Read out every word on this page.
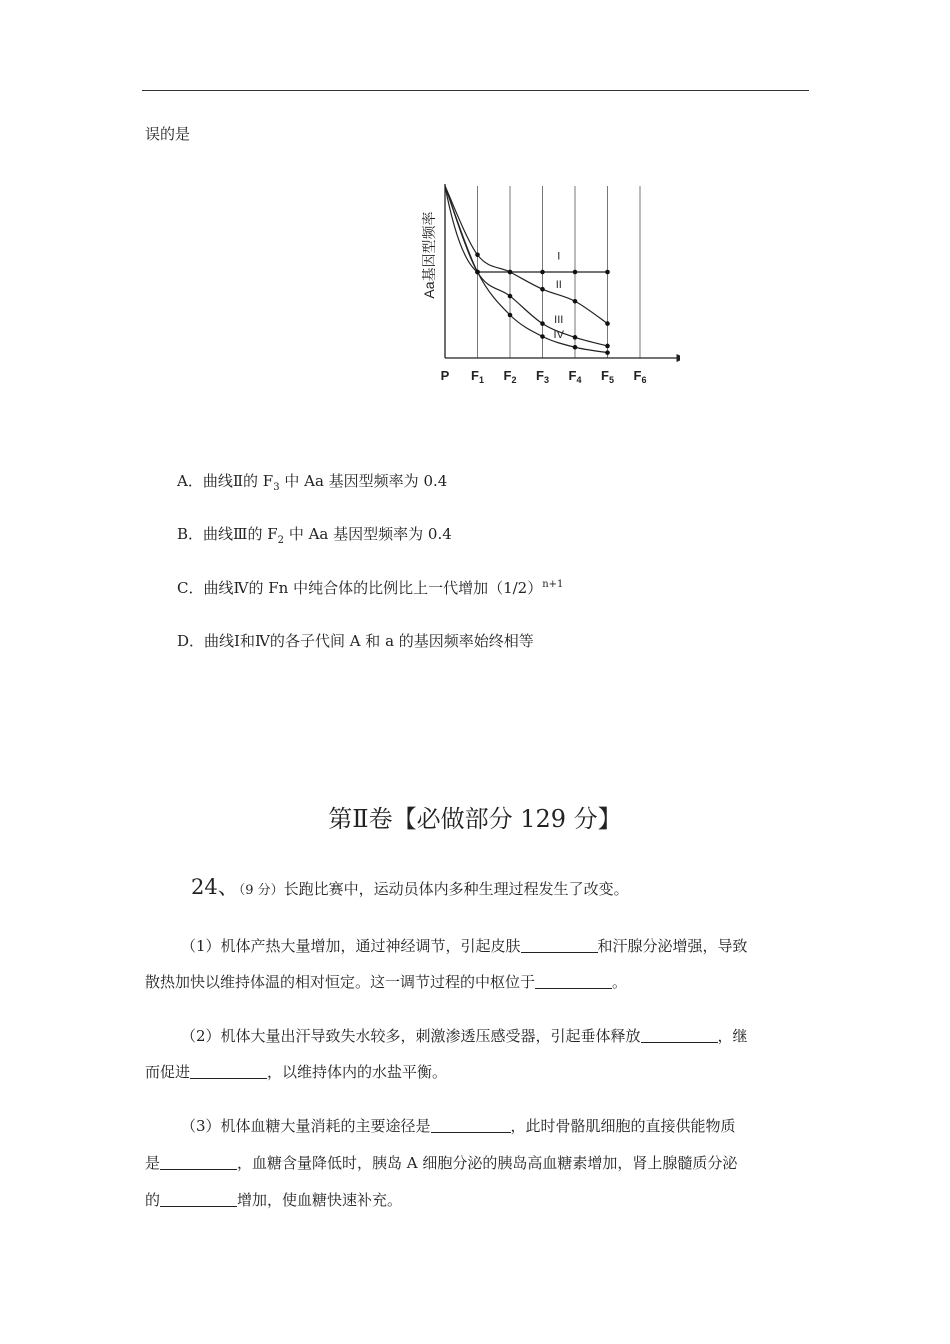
误的是
P $F_1$ $F_2$ $F_3$ $F_4$ $F_5$ $F_6$
I
II
III
IV
Aa基因型频率
A．曲线Ⅱ的 $F_3$ 中 Aa 基因型频率为 0.4
B．曲线Ⅲ的 $F_2$ 中 Aa 基因型频率为 0.4
C．曲线Ⅳ的 Fn 中纯合体的比例比上一代增加$(1/2)^{n+1}$
D．曲线Ⅰ和Ⅳ的各子代间 A 和 a 的基因频率始终相等
第Ⅱ卷【必做部分 129 分】
24、（9 分）长跑比赛中，运动员体内多种生理过程发生了改变。
（1）机体产热大量增加，通过神经调节，引起皮肤	和汗腺分泌增强，导致
散热加快以维持体温的相对恒定。这一调节过程的中枢位于	。
（2）机体大量出汗导致失水较多，刺激渗透压感受器，引起垂体释放	，继
而促进	，以维持体内的水盐平衡。
（3）机体血糖大量消耗的主要途径是	，此时骨骼肌细胞的直接供能物质
是	，血糖含量降低时，胰岛 A 细胞分泌的胰岛高血糖素增加，肾上腺髓质分泌
的	增加，使血糖快速补充。
